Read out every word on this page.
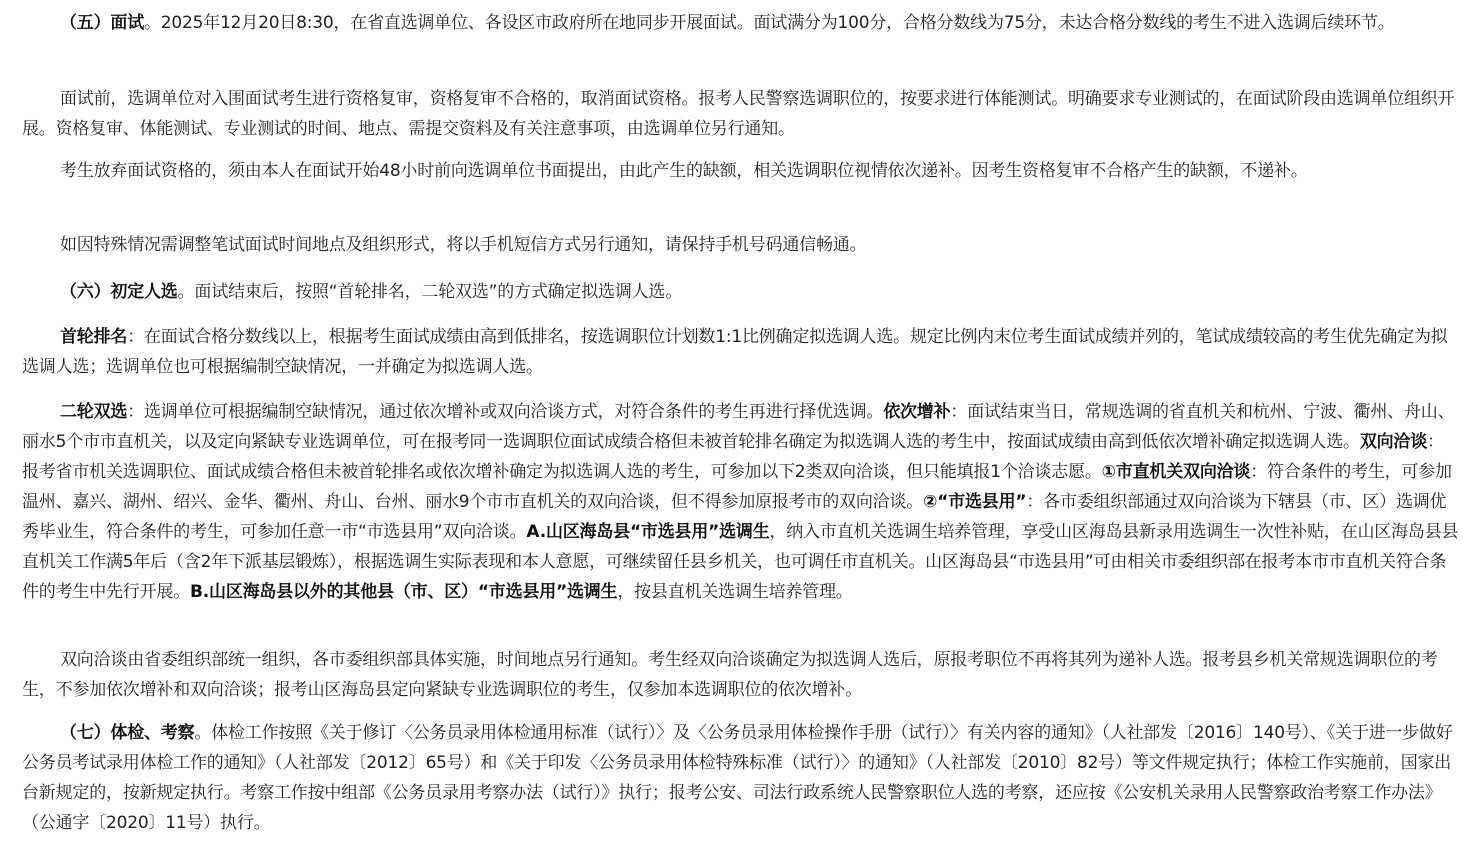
（五）面试。2025年12月20日8:30，在省直选调单位、各设区市政府所在地同步开展面试。面试满分为100分，合格分数线为75分，未达合格分数线的考生不进入选调后续环节。

面试前，选调单位对入围面试考生进行资格复审，资格复审不合格的，取消面试资格。报考人民警察选调职位的，按要求进行体能测试。明确要求专业测试的，在面试阶段由选调单位组织开展。资格复审、体能测试、专业测试的时间、地点、需提交资料及有关注意事项，由选调单位另行通知。

考生放弃面试资格的，须由本人在面试开始48小时前向选调单位书面提出，由此产生的缺额，相关选调职位视情依次递补。因考生资格复审不合格产生的缺额，不递补。

如因特殊情况需调整笔试面试时间地点及组织形式，将以手机短信方式另行通知，请保持手机号码通信畅通。

（六）初定人选。面试结束后，按照“首轮排名，二轮双选”的方式确定拟选调人选。

首轮排名：在面试合格分数线以上，根据考生面试成绩由高到低排名，按选调职位计划数1:1比例确定拟选调人选。规定比例内末位考生面试成绩并列的，笔试成绩较高的考生优先确定为拟选调人选；选调单位也可根据编制空缺情况，一并确定为拟选调人选。

二轮双选：选调单位可根据编制空缺情况，通过依次增补或双向洽谈方式，对符合条件的考生再进行择优选调。依次增补：面试结束当日，常规选调的省直机关和杭州、宁波、衢州、舟山、丽水5个市市直机关，以及定向紧缺专业选调单位，可在报考同一选调职位面试成绩合格但未被首轮排名确定为拟选调人选的考生中，按面试成绩由高到低依次增补确定拟选调人选。双向洽谈：报考省市机关选调职位、面试成绩合格但未被首轮排名或依次增补确定为拟选调人选的考生，可参加以下2类双向洽谈，但只能填报1个洽谈志愿。①市直机关双向洽谈：符合条件的考生，可参加温州、嘉兴、湖州、绍兴、金华、衢州、舟山、台州、丽水9个市市直机关的双向洽谈，但不得参加原报考市的双向洽谈。②“市选县用”：各市委组织部通过双向洽谈为下辖县（市、区）选调优秀毕业生，符合条件的考生，可参加任意一市“市选县用”双向洽谈。A.山区海岛县“市选县用”选调生，纳入市直机关选调生培养管理，享受山区海岛县新录用选调生一次性补贴，在山区海岛县县直机关工作满5年后（含2年下派基层锻炼），根据选调生实际表现和本人意愿，可继续留任县乡机关，也可调任市直机关。山区海岛县“市选县用”可由相关市委组织部在报考本市市直机关符合条件的考生中先行开展。B.山区海岛县以外的其他县（市、区）“市选县用”选调生，按县直机关选调生培养管理。

双向洽谈由省委组织部统一组织，各市委组织部具体实施，时间地点另行通知。考生经双向洽谈确定为拟选调人选后，原报考职位不再将其列为递补人选。报考县乡机关常规选调职位的考生，不参加依次增补和双向洽谈；报考山区海岛县定向紧缺专业选调职位的考生，仅参加本选调职位的依次增补。

（七）体检、考察。体检工作按照《关于修订〈公务员录用体检通用标准（试行）〉及〈公务员录用体检操作手册（试行）〉有关内容的通知》（人社部发〔2016〕140号）、《关于进一步做好公务员考试录用体检工作的通知》（人社部发〔2012〕65号）和《关于印发〈公务员录用体检特殊标准（试行）〉的通知》（人社部发〔2010〕82号）等文件规定执行；体检工作实施前，国家出台新规定的，按新规定执行。考察工作按中组部《公务员录用考察办法（试行）》执行；报考公安、司法行政系统人民警察职位人选的考察，还应按《公安机关录用人民警察政治考察工作办法》（公通字〔2020〕11号）执行。
